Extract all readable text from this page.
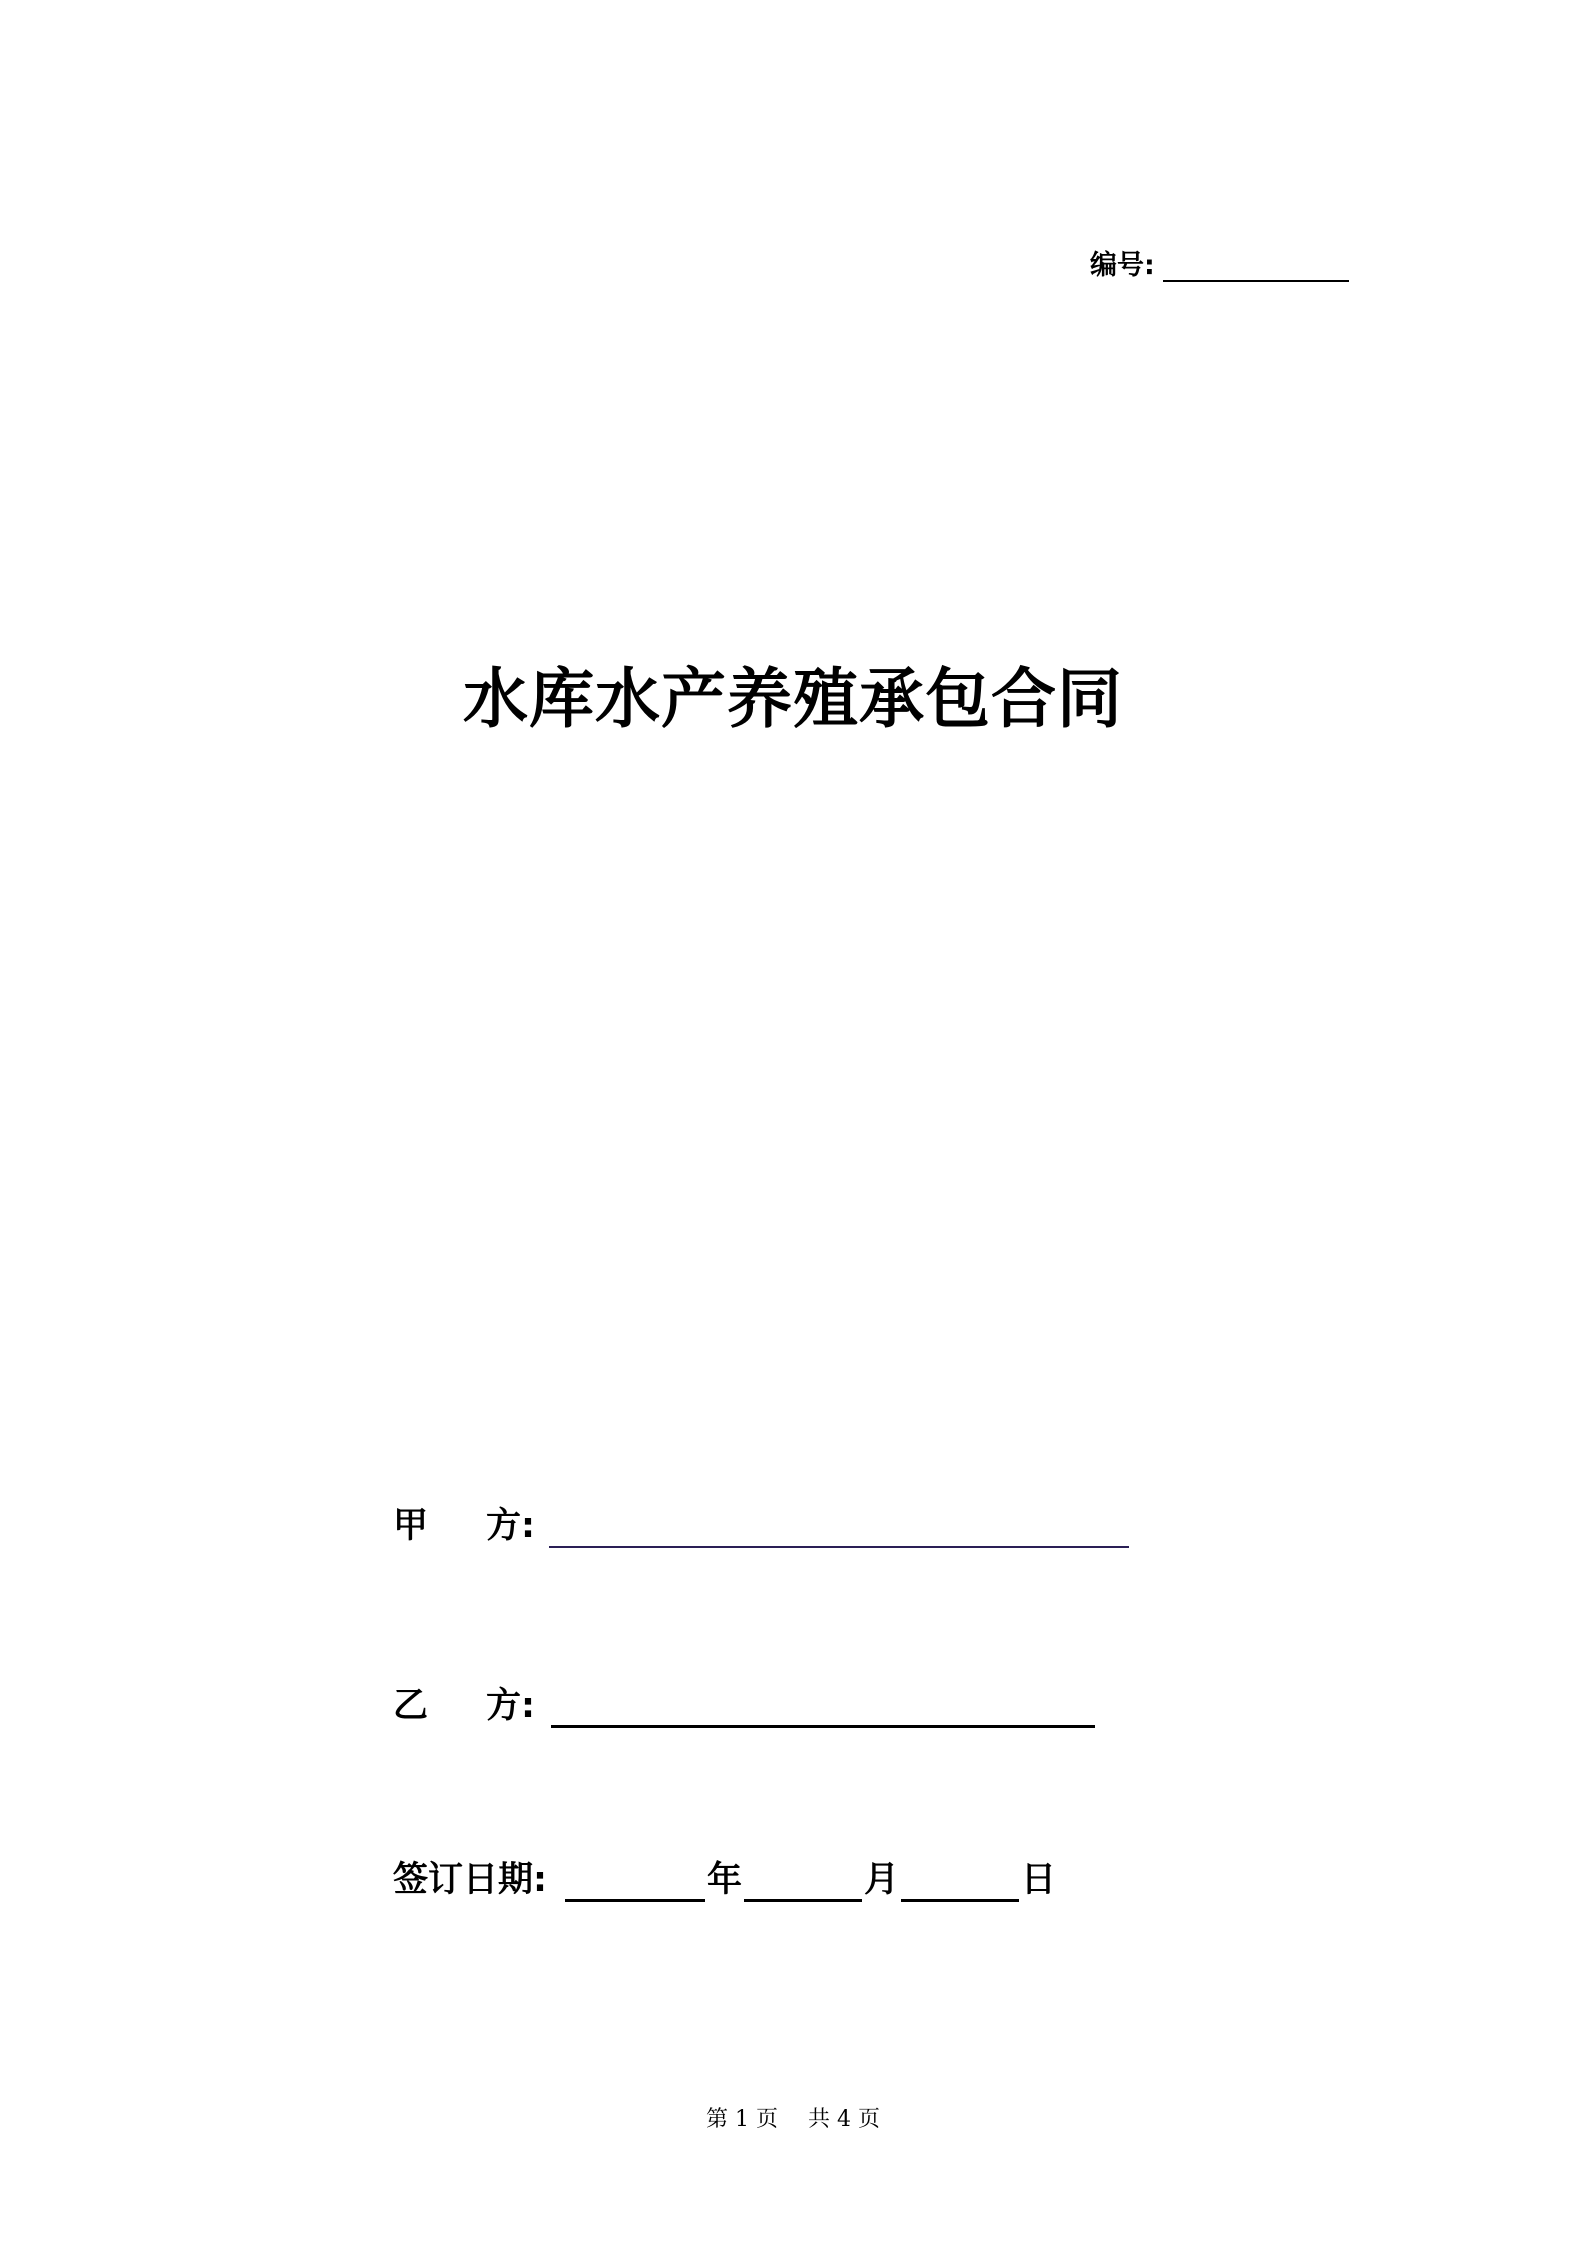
编号:
水库水产养殖承包合同
甲 方:
乙 方:
签订日期:	年	月	日
第 1 页 共 4 页
